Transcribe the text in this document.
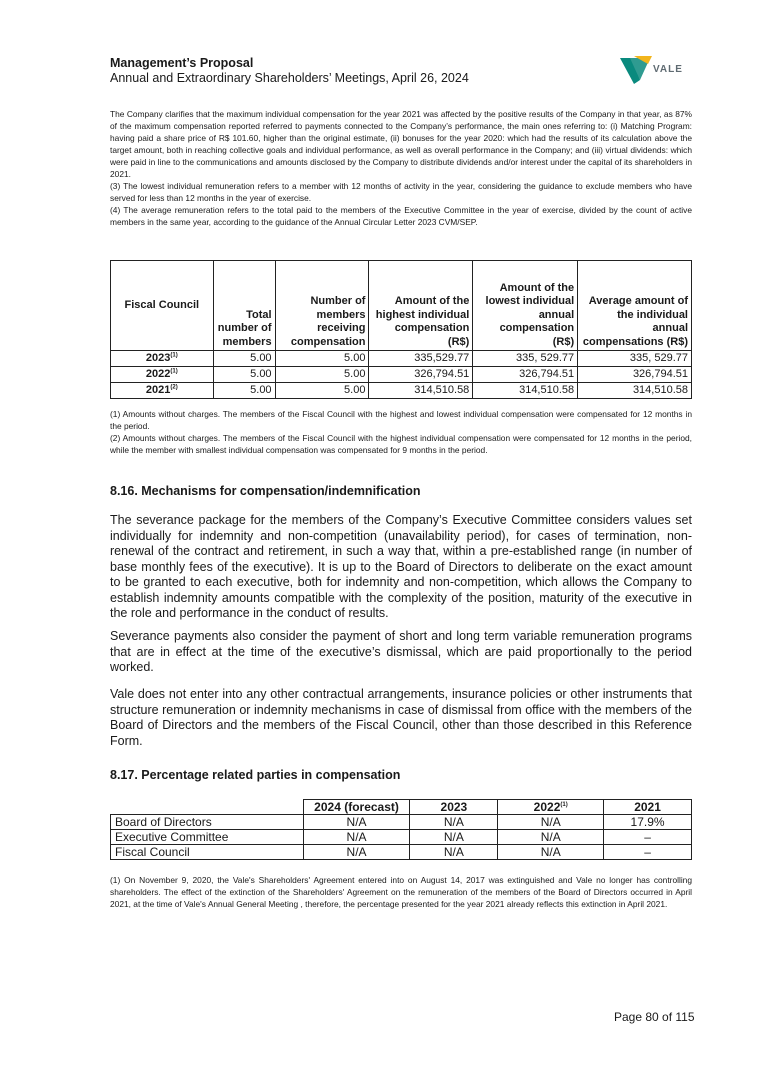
Management’s Proposal
Annual and Extraordinary Shareholders’ Meetings, April 26, 2024
VALE

The Company clarifies that the maximum individual compensation for the year 2021 was affected by the positive results of the Company in that year, as 87% of the maximum compensation reported referred to payments connected to the Company’s performance, the main ones referring to: (i) Matching Program: having paid a share price of R$ 101.60, higher than the original estimate, (ii) bonuses for the year 2020: which had the results of its calculation above the target amount, both in reaching collective goals and individual performance, as well as overall performance in the Company; and (iii) virtual dividends: which were paid in line to the communications and amounts disclosed by the Company to distribute dividends and/or interest under the capital of its shareholders in 2021.

(3) The lowest individual remuneration refers to a member with 12 months of activity in the year, considering the guidance to exclude members who have served for less than 12 months in the year of exercise.

(4) The average remuneration refers to the total paid to the members of the Executive Committee in the year of exercise, divided by the count of active members in the same year, according to the guidance of the Annual Circular Letter 2023 CVM/SEP.

Fiscal Council	Total number of members	Number of members receiving compensation	Amount of the highest individual compensation (R$)	Amount of the lowest individual annual compensation (R$)	Average amount of the individual annual compensations (R$)
2023$^{(1)}$	5.00	5.00	335,529.77	335, 529.77	335, 529.77
2022$^{(1)}$	5.00	5.00	326,794.51	326,794.51	326,794.51
2021$^{(2)}$	5.00	5.00	314,510.58	314,510.58	314,510.58

(1) Amounts without charges. The members of the Fiscal Council with the highest and lowest individual compensation were compensated for 12 months in the period.

(2) Amounts without charges. The members of the Fiscal Council with the highest individual compensation were compensated for 12 months in the period, while the member with smallest individual compensation was compensated for 9 months in the period.

8.16. Mechanisms for compensation/indemnification
The severance package for the members of the Company’s Executive Committee considers values set individually for indemnity and non-competition (unavailability period), for cases of termination, non-renewal of the contract and retirement, in such a way that, within a pre-established range (in number of base monthly fees of the executive). It is up to the Board of Directors to deliberate on the exact amount to be granted to each executive, both for indemnity and non-competition, which allows the Company to establish indemnity amounts compatible with the complexity of the position, maturity of the executive in the role and performance in the conduct of results.
Severance payments also consider the payment of short and long term variable remuneration programs that are in effect at the time of the executive’s dismissal, which are paid proportionally to the period worked.
Vale does not enter into any other contractual arrangements, insurance policies or other instruments that structure remuneration or indemnity mechanisms in case of dismissal from office with the members of the Board of Directors and the members of the Fiscal Council, other than those described in this Reference Form.
8.17. Percentage related parties in compensation
	2024 (forecast)	2023	2022$^{(1)}$	2021
Board of Directors	N/A	N/A	N/A	17.9%
Executive Committee	N/A	N/A	N/A	–
Fiscal Council	N/A	N/A	N/A	–
(1) On November 9, 2020, the Vale's Shareholders' Agreement entered into on August 14, 2017 was extinguished and Vale no longer has controlling shareholders. The effect of the extinction of the Shareholders' Agreement on the remuneration of the members of the Board of Directors occurred in April 2021, at the time of Vale's Annual General Meeting , therefore, the percentage presented for the year 2021 already reflects this extinction in April 2021.
Page 80 of 115
